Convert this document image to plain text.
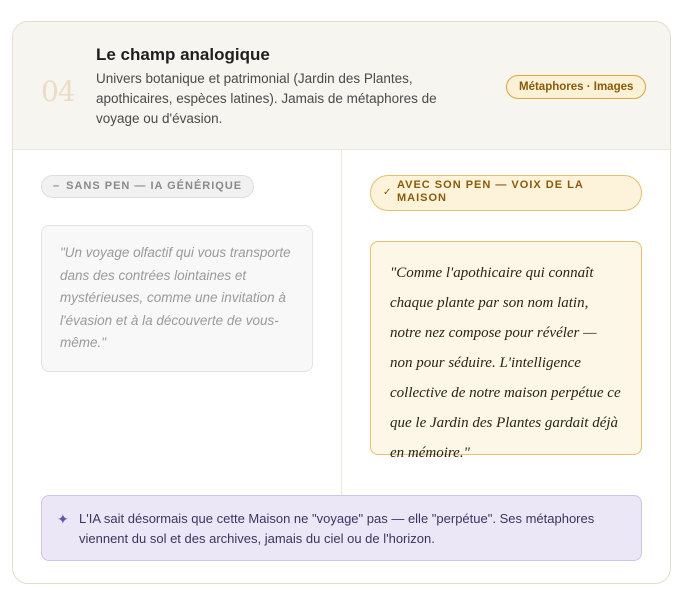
04
Le champ analogique
Univers botanique et patrimonial (Jardin des Plantes, apothicaires, espèces latines). Jamais de métaphores de voyage ou d'évasion.
Métaphores · Images
– SANS PEN — IA GÉNÉRIQUE
"Un voyage olfactif qui vous transporte dans des contrées lointaines et mystérieuses, comme une invitation à l'évasion et à la découverte de vous-même."
✓
AVEC SON PEN — VOIX DE LA MAISON
"Comme l'apothicaire qui connaît chaque plante par son nom latin, notre nez compose pour révéler — non pour séduire. L'intelligence collective de notre maison perpétue ce que le Jardin des Plantes gardait déjà en mémoire."
✦ L'IA sait désormais que cette Maison ne "voyage" pas — elle "perpétue". Ses métaphores viennent du sol et des archives, jamais du ciel ou de l'horizon.
